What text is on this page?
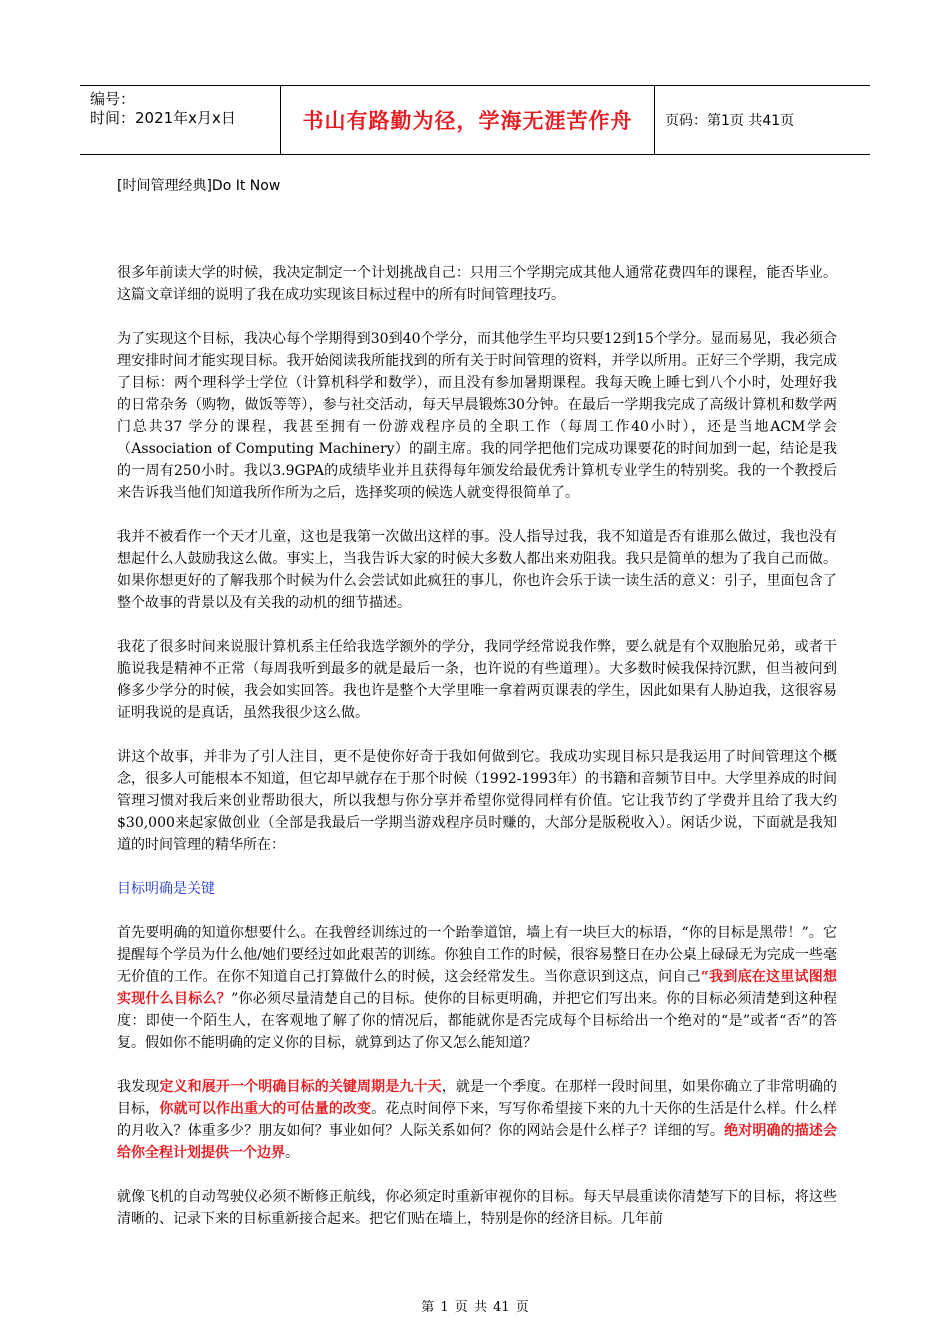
编号：
时间：2021年x月x日	书山有路勤为径，学海无涯苦作舟	页码：第1页 共41页
[时间管理经典]Do It Now

很多年前读大学的时候，我决定制定一个计划挑战自己：只用三个学期完成其他人通常花费四年的课程，能否毕业。这篇文章详细的说明了我在成功实现该目标过程中的所有时间管理技巧。

为了实现这个目标，我决心每个学期得到30到40个学分，而其他学生平均只要12到15个学分。显而易见，我必须合理安排时间才能实现目标。我开始阅读我所能找到的所有关于时间管理的资料，并学以所用。正好三个学期，我完成了目标：两个理科学士学位（计算机科学和数学），而且没有参加暑期课程。我每天晚上睡七到八个小时，处理好我的日常杂务（购物，做饭等等），参与社交活动，每天早晨锻炼30分钟。在最后一学期我完成了高级计算机和数学两门总共37 学分的课程，我甚至拥有一份游戏程序员的全职工作（每周工作40小时），还是当地ACM学会（Association of Computing Machinery）的副主席。我的同学把他们完成功课要花的时间加到一起，结论是我的一周有250小时。我以3.9GPA的成绩毕业并且获得每年颁发给最优秀计算机专业学生的特别奖。我的一个教授后来告诉我当他们知道我所作所为之后，选择奖项的候选人就变得很简单了。

我并不被看作一个天才儿童，这也是我第一次做出这样的事。没人指导过我，我不知道是否有谁那么做过，我也没有想起什么人鼓励我这么做。事实上，当我告诉大家的时候大多数人都出来劝阻我。我只是简单的想为了我自己而做。如果你想更好的了解我那个时候为什么会尝试如此疯狂的事儿，你也许会乐于读一读生活的意义：引子，里面包含了整个故事的背景以及有关我的动机的细节描述。

我花了很多时间来说服计算机系主任给我选学额外的学分，我同学经常说我作弊，要么就是有个双胞胎兄弟，或者干脆说我是精神不正常（每周我听到最多的就是最后一条，也许说的有些道理）。大多数时候我保持沉默，但当被问到修多少学分的时候，我会如实回答。我也许是整个大学里唯一拿着两页课表的学生，因此如果有人胁迫我，这很容易证明我说的是真话，虽然我很少这么做。

讲这个故事，并非为了引人注目，更不是使你好奇于我如何做到它。我成功实现目标只是我运用了时间管理这个概念，很多人可能根本不知道，但它却早就存在于那个时候（1992-1993年）的书籍和音频节目中。大学里养成的时间管理习惯对我后来创业帮助很大，所以我想与你分享并希望你觉得同样有价值。它让我节约了学费并且给了我大约$30,000来起家做创业（全部是我最后一学期当游戏程序员时赚的，大部分是版税收入）。闲话少说，下面就是我知道的时间管理的精华所在：

目标明确是关键

首先要明确的知道你想要什么。在我曾经训练过的一个跆拳道馆，墙上有一块巨大的标语，“你的目标是黑带！”。它提醒每个学员为什么他/她们要经过如此艰苦的训练。你独自工作的时候，很容易整日在办公桌上碌碌无为完成一些毫无价值的工作。在你不知道自己打算做什么的时候，这会经常发生。当你意识到这点，问自己“我到底在这里试图想实现什么目标么？”你必须尽量清楚自己的目标。使你的目标更明确，并把它们写出来。你的目标必须清楚到这种程度：即使一个陌生人，在客观地了解了你的情况后，都能就你是否完成每个目标给出一个绝对的“是”或者“否”的答复。假如你不能明确的定义你的目标，就算到达了你又怎么能知道？

我发现定义和展开一个明确目标的关键周期是九十天，就是一个季度。在那样一段时间里，如果你确立了非常明确的目标，你就可以作出重大的可估量的改变。花点时间停下来，写写你希望接下来的九十天你的生活是什么样。什么样的月收入？体重多少？朋友如何？事业如何？人际关系如何？你的网站会是什么样子？详细的写。绝对明确的描述会给你全程计划提供一个边界。

就像飞机的自动驾驶仪必须不断修正航线，你必须定时重新审视你的目标。每天早晨重读你清楚写下的目标，将这些清晰的、记录下来的目标重新接合起来。把它们贴在墙上，特别是你的经济目标。几年前

第 1 页 共 41 页
